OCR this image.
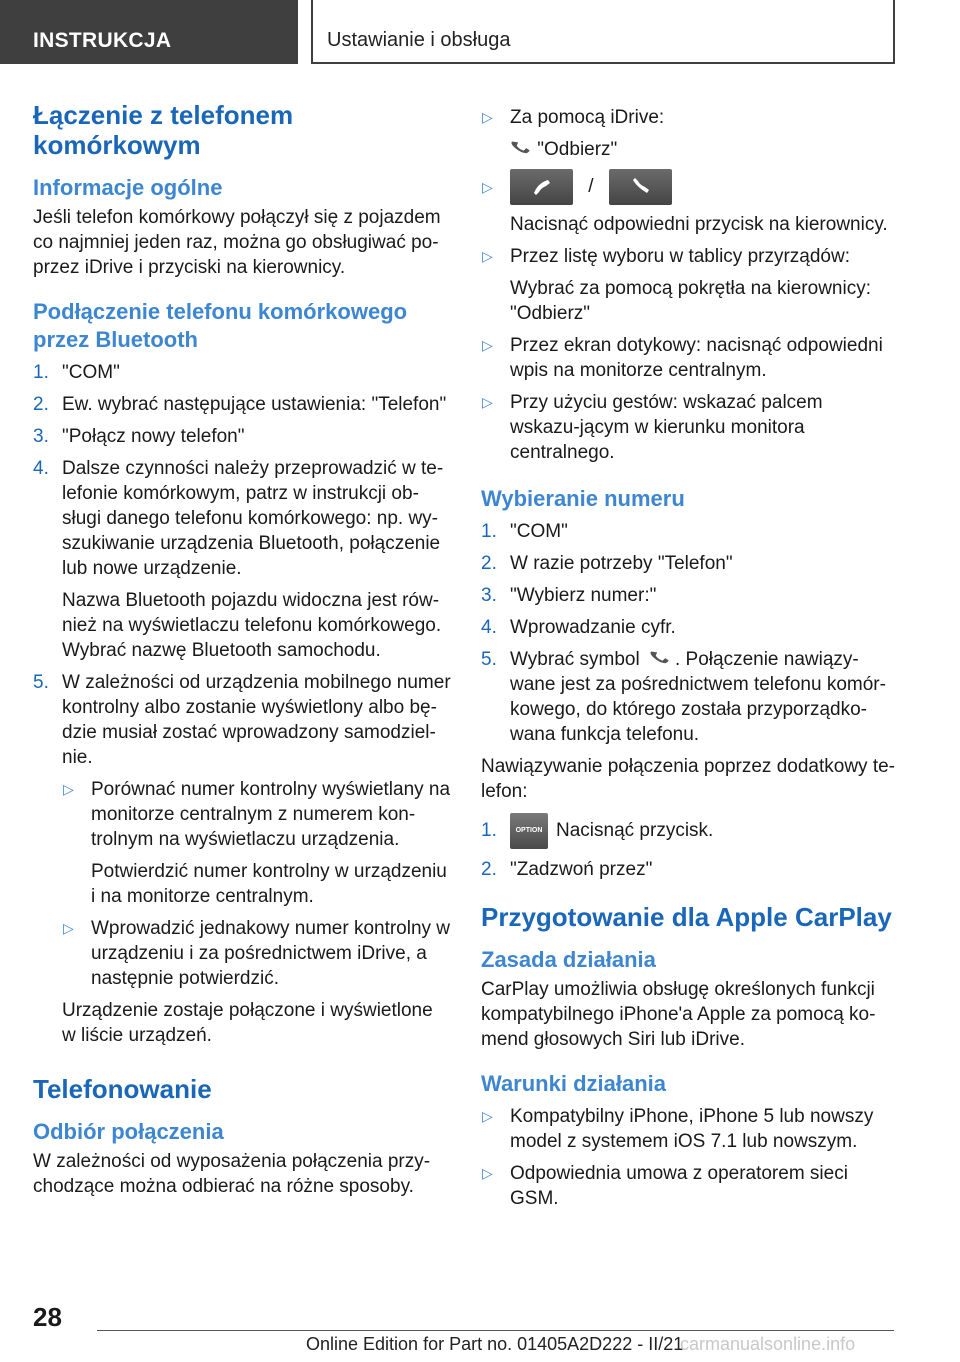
INSTRUKCJA	Ustawianie i obsługa
Łączenie z telefonem komórkowym
Informacje ogólne

Jeśli telefon komórkowy połączył się z pojazdem co najmniej jeden raz, można go obsługiwać po-przez iDrive i przyciski na kierownicy.

Podłączenie telefonu komórkowego przez Bluetooth
1. "COM"
2. Ew. wybrać następujące ustawienia: "Telefon"
3. "Połącz nowy telefon"
4. Dalsze czynności należy przeprowadzić w te-lefonie komórkowym, patrz w instrukcji ob-sługi danego telefonu komórkowego: np. wy-szukiwanie urządzenia Bluetooth, połączenie lub nowe urządzenie.
Nazwa Bluetooth pojazdu widoczna jest rów-nież na wyświetlaczu telefonu komórkowego. Wybrać nazwę Bluetooth samochodu.
5. W zależności od urządzenia mobilnego numer kontrolny albo zostanie wyświetlony albo bę-dzie musiał zostać wprowadzony samodziel-nie.
▷ Porównać numer kontrolny wyświetlany na monitorze centralnym z numerem kon-trolnym na wyświetlaczu urządzenia.
Potwierdzić numer kontrolny w urządzeniu i na monitorze centralnym.
▷ Wprowadzić jednakowy numer kontrolny w urządzeniu i za pośrednictwem iDrive, a następnie potwierdzić.
Urządzenie zostaje połączone i wyświetlone w liście urządzeń.
Telefonowanie
Odbiór połączenia

W zależności od wyposażenia połączenia przy-chodzące można odbierać na różne sposoby.

▷ Za pomocą iDrive:
"Odbierz"
▷	/
Nacisnąć odpowiedni przycisk na kierownicy.
▷ Przez listę wyboru w tablicy przyrządów:
Wybrać za pomocą pokrętła na kierownicy: "Odbierz"
▷ Przez ekran dotykowy: nacisnąć odpowiedni wpis na monitorze centralnym.
▷ Przy użyciu gestów: wskazać palcem wskazu-jącym w kierunku monitora centralnego.
Wybieranie numeru
1. "COM"
2. W razie potrzeby "Telefon"
3. "Wybierz numer:"
4. Wprowadzanie cyfr.
5. Wybrać symbol . Połączenie nawiązy-wane jest za pośrednictwem telefonu komór-kowego, do którego została przyporządko-wana funkcja telefonu.

Nawiązywanie połączenia poprzez dodatkowy te-lefon:

1.	OPTION Nacisnąć przycisk.
2. "Zadzwoń przez"
Przygotowanie dla Apple CarPlay
Zasada działania

CarPlay umożliwia obsługę określonych funkcji kompatybilnego iPhone'a Apple za pomocą ko-mend głosowych Siri lub iDrive.

Warunki działania
▷ Kompatybilny iPhone, iPhone 5 lub nowszy model z systemem iOS 7.1 lub nowszym.
▷ Odpowiednia umowa z operatorem sieci GSM.
28
Online Edition for Part no. 01405A2D222 - II/21
carmanualsonline.info
